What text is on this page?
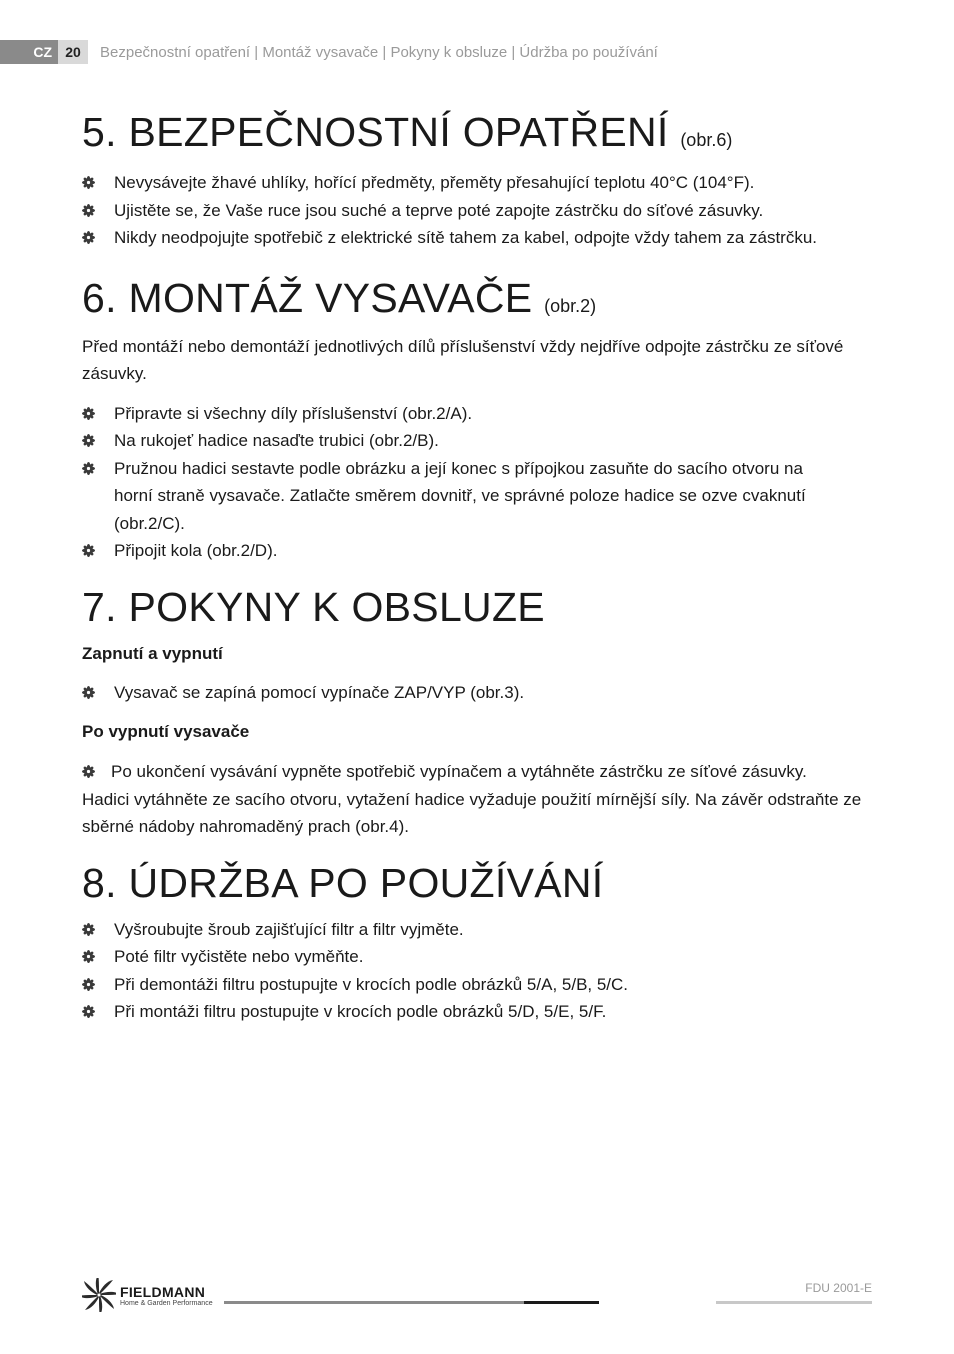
CZ 20	Bezpečnostní opatření | Montáž vysavače | Pokyny k obsluze | Údržba po používání
5. BEZPEČNOSTNÍ OPATŘENÍ (obr.6)
Nevysávejte žhavé uhlíky, hořící předměty, přeměty přesahující teplotu 40°C (104°F).
Ujistěte se, že Vaše ruce jsou suché a teprve poté zapojte zástrčku do síťové zásuvky.
Nikdy neodpojujte spotřebič z elektrické sítě tahem za kabel, odpojte vždy tahem za zástrčku.
6. MONTÁŽ VYSAVAČE (obr.2)

Před montáží nebo demontáží jednotlivých dílů příslušenství vždy nejdříve odpojte zástrčku ze síťové zásuvky.

Připravte si všechny díly příslušenství (obr.2/A).
Na rukojeť hadice nasaďte trubici (obr.2/B).
Pružnou hadici sestavte podle obrázku a její konec s přípojkou zasuňte do sacího otvoru na horní straně vysavače. Zatlačte směrem dovnitř, ve správné poloze hadice se ozve cvaknutí (obr.2/C).
Připojit kola (obr.2/D).
7. POKYNY K OBSLUZE
Zapnutí a vypnutí
Vysavač se zapíná pomocí vypínače ZAP/VYP (obr.3).
Po vypnutí vysavače

Po ukončení vysávání vypněte spotřebič vypínačem a vytáhněte zástrčku ze síťové zásuvky.
Hadici vytáhněte ze sacího otvoru, vytažení hadice vyžaduje použití mírnější síly. Na závěr odstraňte ze sběrné nádoby nahromaděný prach (obr.4).

8. ÚDRŽBA PO POUŽÍVÁNÍ
Vyšroubujte šroub zajišťující filtr a filtr vyjměte.
Poté filtr vyčistěte nebo vyměňte.
Při demontáži filtru postupujte v krocích podle obrázků 5/A, 5/B, 5/C.
Při montáži filtru postupujte v krocích podle obrázků 5/D, 5/E, 5/F.
FIELDMANN
Home & Garden Performance
FDU 2001-E
